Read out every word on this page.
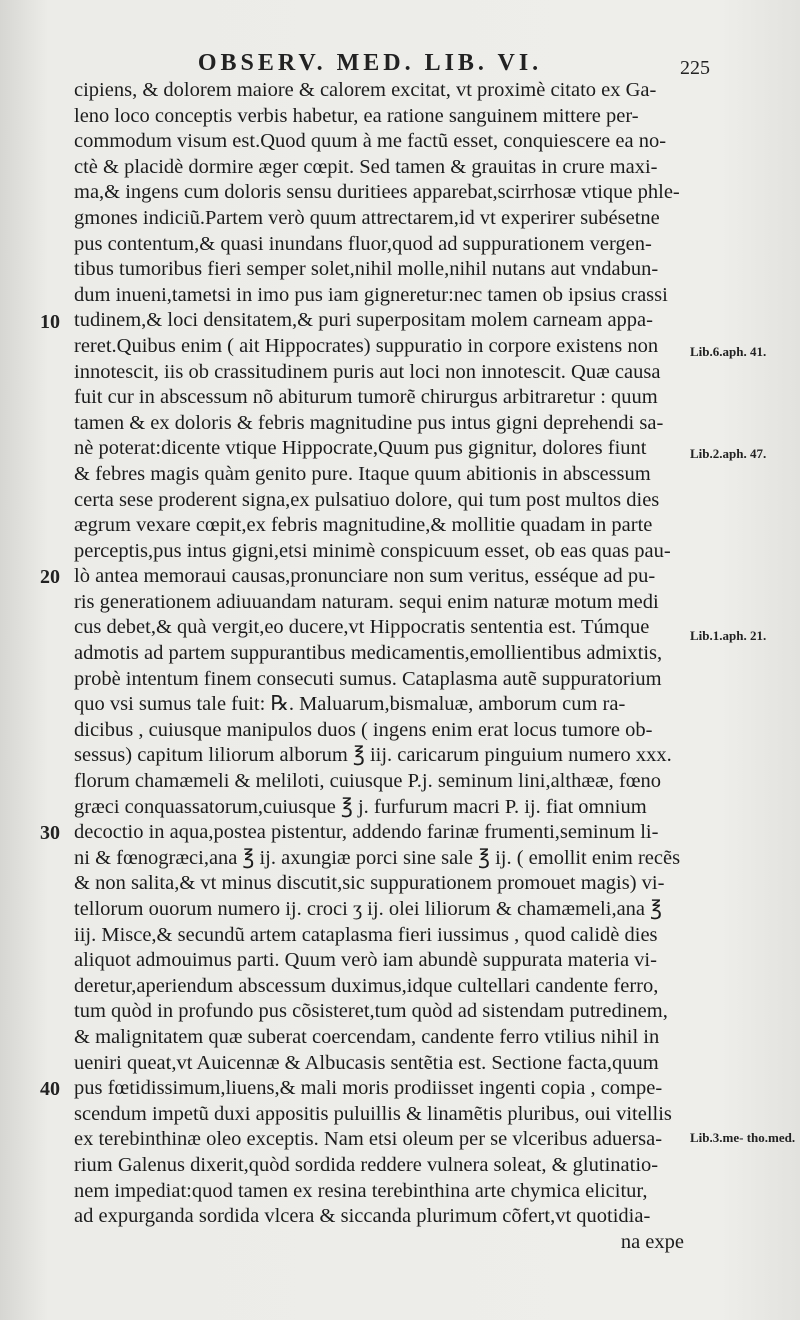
OBSERV. MED. LIB. VI.	225
cipiens, & dolorem maiore & calorem excitat, vt proximè citato ex Ga-
leno loco conceptis verbis habetur, ea ratione sanguinem mittere per-
commodum visum est.Quod quum à me factũ esset, conquiescere ea no-
ctè & placidè dormire æger cœpit. Sed tamen & grauitas in crure maxi-
ma,& ingens cum doloris sensu duritiees apparebat,scirrhosæ vtique phle-
gmones indiciũ.Partem verò quum attrectarem,id vt experirer subésetne
pus contentum,& quasi inundans fluor,quod ad suppurationem vergen-
tibus tumoribus fieri semper solet,nihil molle,nihil nutans aut vndabun-
dum inueni,tametsi in imo pus iam gigneretur:nec tamen ob ipsius crassi
tudinem,& loci densitatem,& puri superpositam molem carneam appa-
reret.Quibus enim ( ait Hippocrates) suppuratio in corpore existens non
innotescit, iis ob crassitudinem puris aut loci non innotescit. Quæ causa
fuit cur in abscessum nõ abiturum tumorẽ chirurgus arbitraretur : quum
tamen & ex doloris & febris magnitudine pus intus gigni deprehendi sa-
nè poterat:dicente vtique Hippocrate,Quum pus gignitur, dolores fiunt
& febres magis quàm genito pure. Itaque quum abitionis in abscessum
certa sese proderent signa,ex pulsatiuo dolore, qui tum post multos dies
ægrum vexare cœpit,ex febris magnitudine,& mollitie quadam in parte
perceptis,pus intus gigni,etsi minimè conspicuum esset, ob eas quas pau-
lò antea memoraui causas,pronunciare non sum veritus, esséque ad pu-
ris generationem adiuuandam naturam. sequi enim naturæ motum medi
cus debet,& quà vergit,eo ducere,vt Hippocratis sententia est. Túmque
admotis ad partem suppurantibus medicamentis,emollientibus admixtis,
probè intentum finem consecuti sumus. Cataplasma autẽ suppuratorium
quo vsi sumus tale fuit: ℞. Maluarum,bismaluæ, amborum cum ra-
dicibus , cuiusque manipulos duos ( ingens enim erat locus tumore ob-
sessus) capitum liliorum alborum ℥ iij. caricarum pinguium numero xxx.
florum chamæmeli & meliloti, cuiusque P.j. seminum lini,althææ, fœno
græci conquassatorum,cuiusque ℥ j. furfurum macri P. ij. fiat omnium
decoctio in aqua,postea pistentur, addendo farinæ frumenti,seminum li-
ni & fœnogræci,ana ℥ ij. axungiæ porci sine sale ℥ ij. ( emollit enim recẽs
& non salita,& vt minus discutit,sic suppurationem promouet magis) vi-
tellorum ouorum numero ij. croci ʒ ij. olei liliorum & chamæmeli,ana ℥
iij. Misce,& secundũ artem cataplasma fieri iussimus , quod calidè dies
aliquot admouimus parti. Quum verò iam abundè suppurata materia vi-
deretur,aperiendum abscessum duximus,idque cultellari candente ferro,
tum quòd in profundo pus cõsisteret,tum quòd ad sistendam putredinem,
& malignitatem quæ suberat coercendam, candente ferro vtilius nihil in
ueniri queat,vt Auicennæ & Albucasis sentẽtia est. Sectione facta,quum
pus fœtidissimum,liuens,& mali moris prodiisset ingenti copia , compe-
scendum impetũ duxi appositis puluillis & linamẽtis pluribus, oui vitellis
ex terebinthinæ oleo exceptis. Nam etsi oleum per se vlceribus aduersa-
rium Galenus dixerit,quòd sordida reddere vulnera soleat, & glutinatio-
nem impediat:quod tamen ex resina terebinthina arte chymica elicitur,
ad expurganda sordida vlcera & siccanda plurimum cõfert,vt quotidia-
na expe
10
20
30
40
Lib.6.aph. 41.
Lib.2.aph. 47.
Lib.1.aph. 21.
Lib.3.me- tho.med.
